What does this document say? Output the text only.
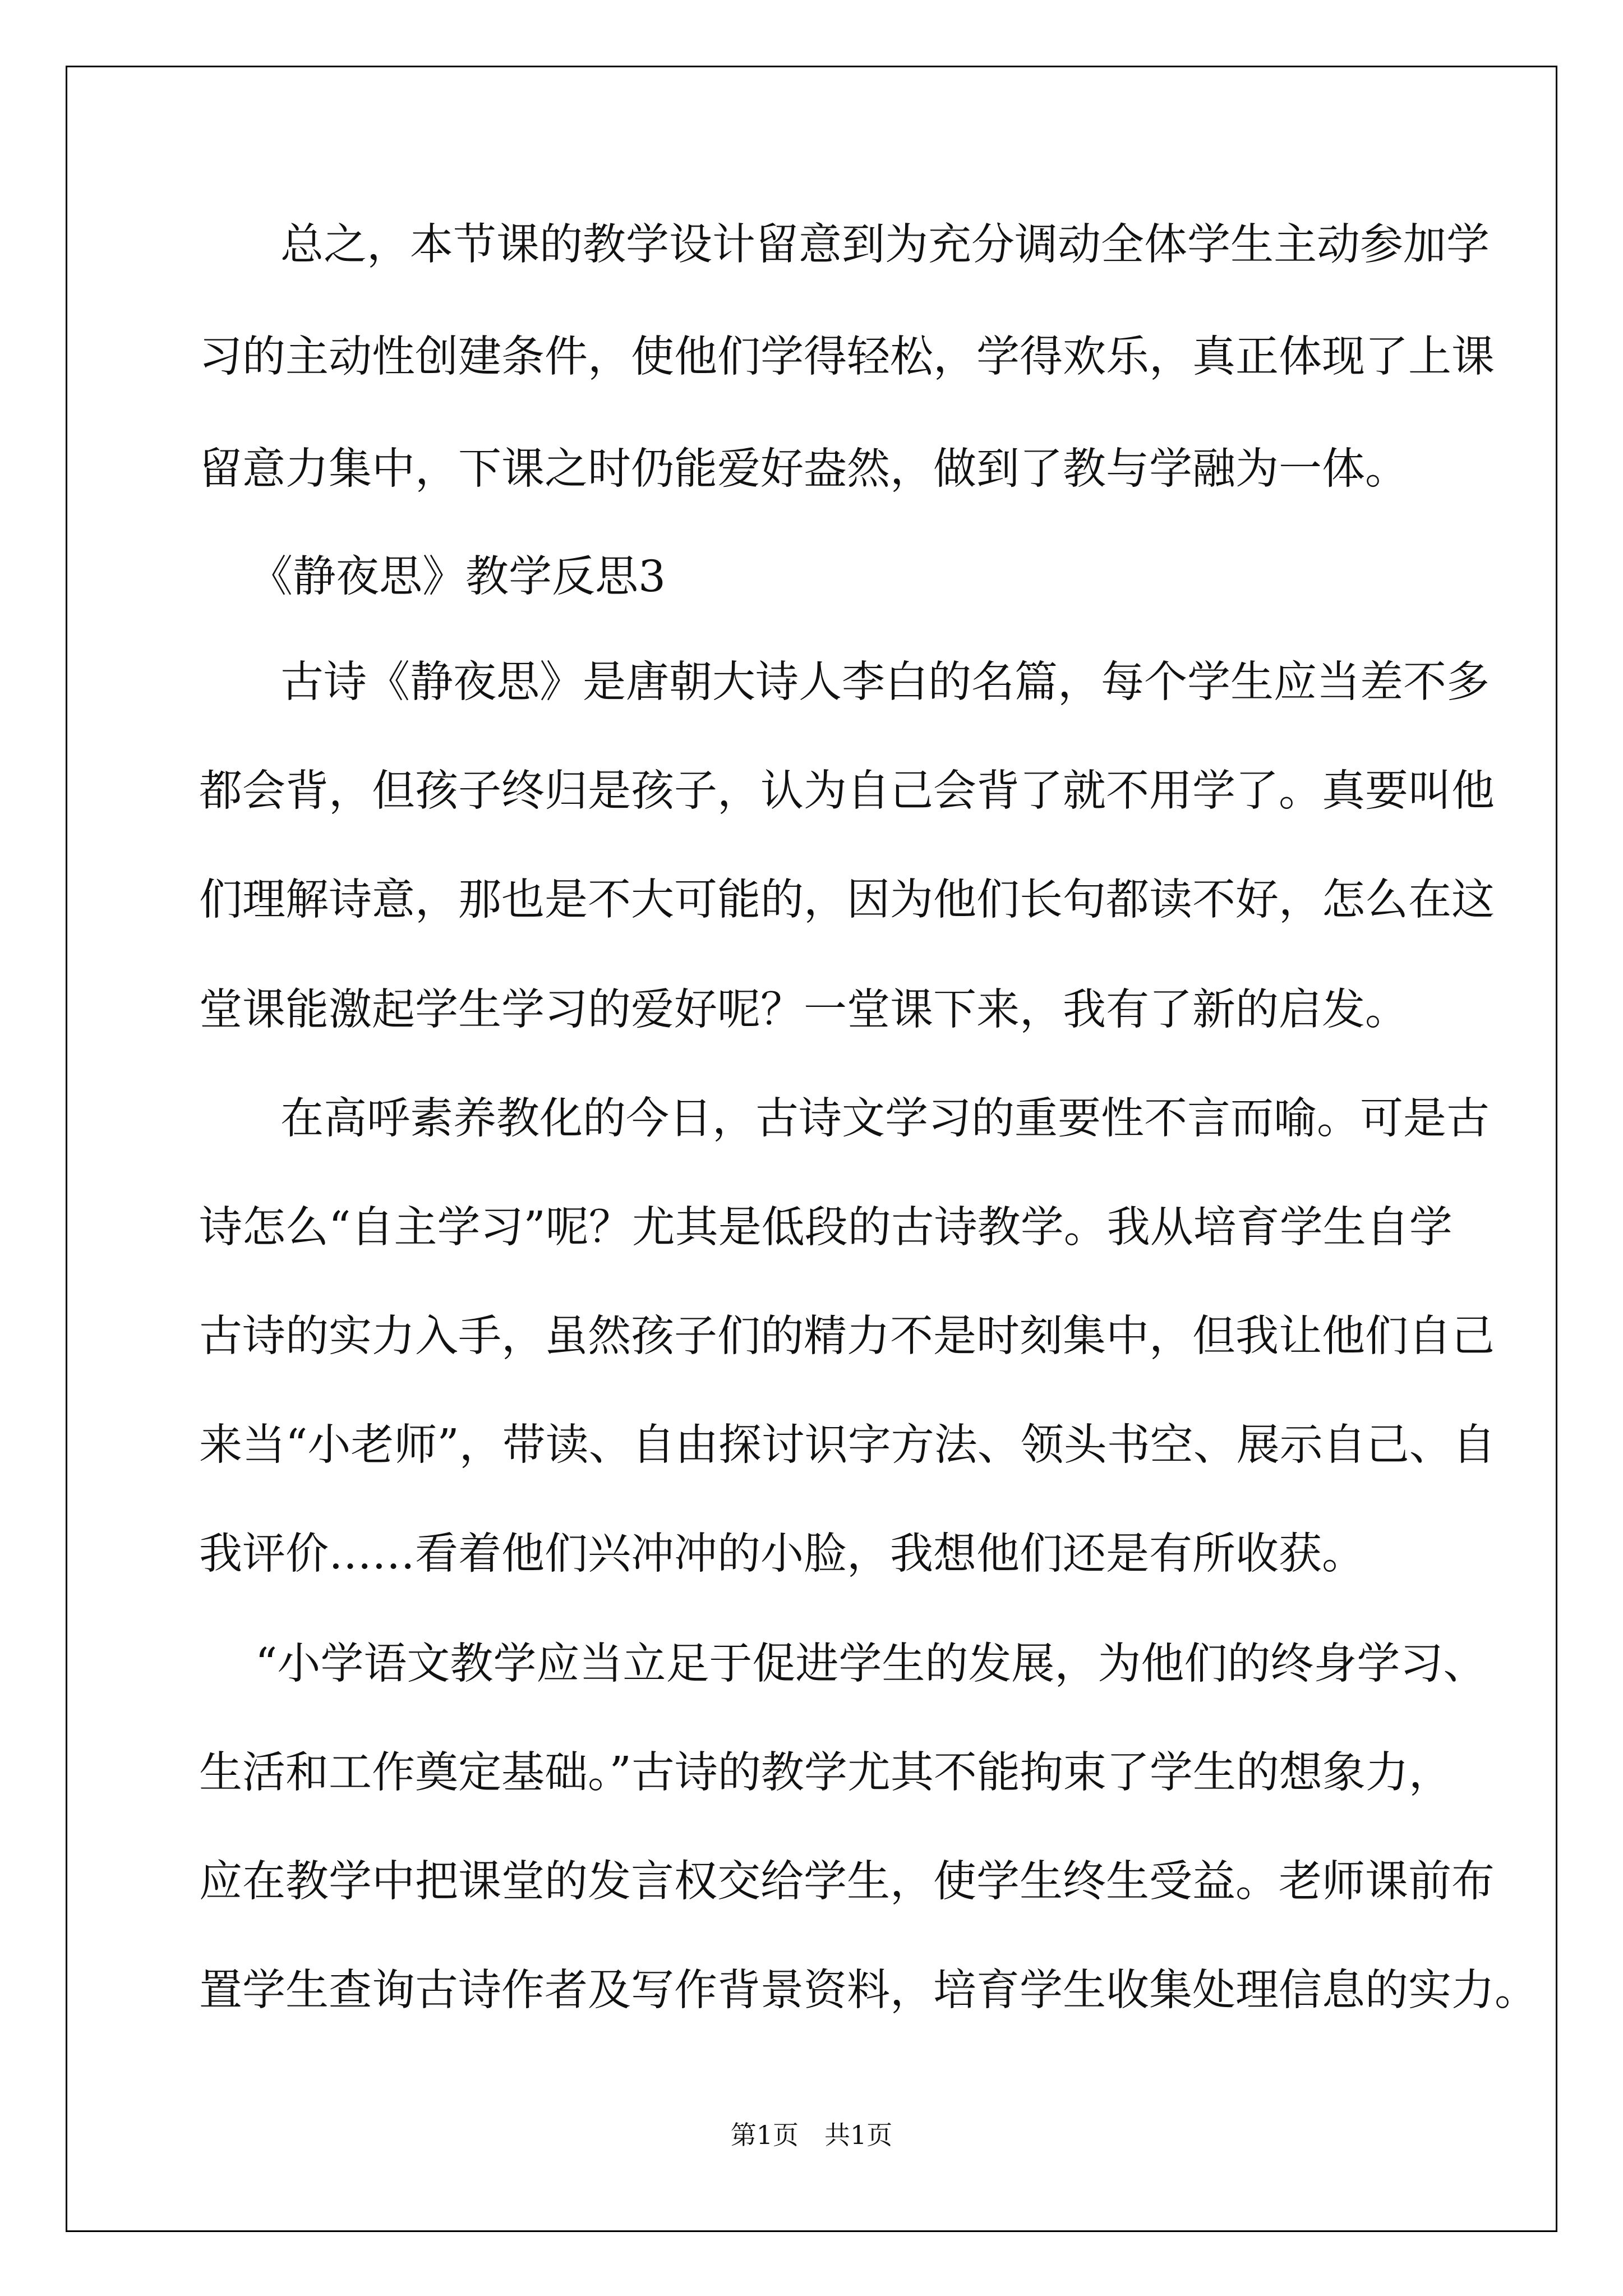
总之，本节课的教学设计留意到为充分调动全体学生主动参加学
习的主动性创建条件，使他们学得轻松，学得欢乐，真正体现了上课
留意力集中，下课之时仍能爱好盎然，做到了教与学融为一体。
《静夜思》教学反思3
古诗《静夜思》是唐朝大诗人李白的名篇，每个学生应当差不多
都会背，但孩子终归是孩子，认为自己会背了就不用学了。真要叫他
们理解诗意，那也是不大可能的，因为他们长句都读不好，怎么在这
堂课能激起学生学习的爱好呢？一堂课下来，我有了新的启发。
在高呼素养教化的今日，古诗文学习的重要性不言而喻。可是古
诗怎么“自主学习”呢？尤其是低段的古诗教学。我从培育学生自学
古诗的实力入手，虽然孩子们的精力不是时刻集中，但我让他们自己
来当“小老师”，带读、自由探讨识字方法、领头书空、展示自己、自
我评价……看着他们兴冲冲的小脸，我想他们还是有所收获。
“小学语文教学应当立足于促进学生的发展，为他们的终身学习、
生活和工作奠定基础。”古诗的教学尤其不能拘束了学生的想象力，
应在教学中把课堂的发言权交给学生，使学生终生受益。老师课前布
置学生查询古诗作者及写作背景资料，培育学生收集处理信息的实力。
第1页 共1页
